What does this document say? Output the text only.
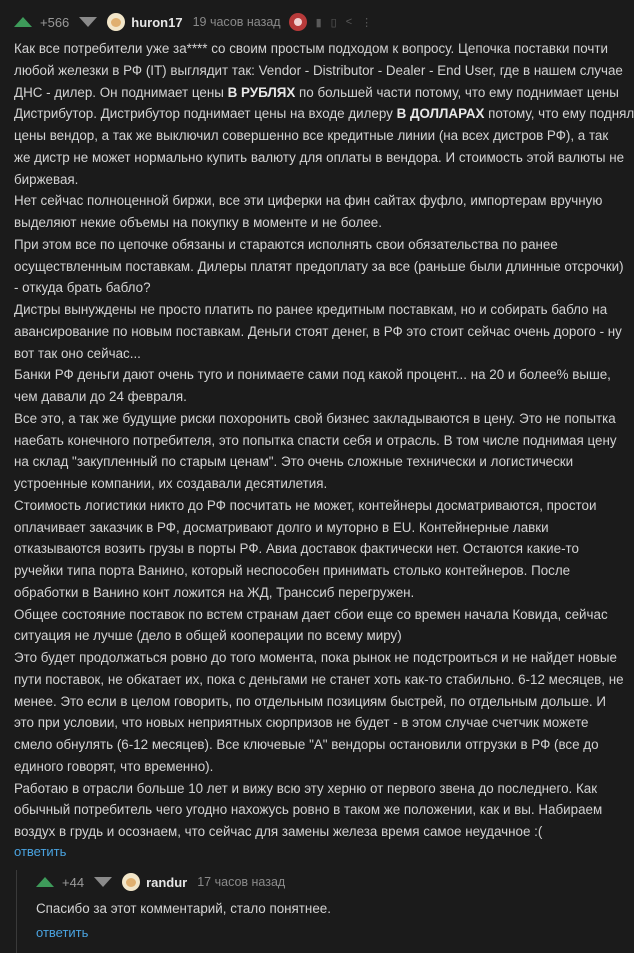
+566	huron17 19 часов назад	▮ ▯ < ⋮

Как все потребители уже за**** со своим простым подходом к вопросу. Цепочка поставки почти

любой железки в РФ (IT) выглядит так: Vendor - Distributor - Dealer - End User, где в нашем случае

ДНС - дилер. Он поднимает цены В РУБЛЯХ по большей части потому, что ему поднимает цены

Дистрибутор. Дистрибутор поднимает цены на входе дилеру В ДОЛЛАРАХ потому, что ему поднял

цены вендор, а так же выключил совершенно все кредитные линии (на всех дистров РФ), а так

же дистр не может нормально купить валюту для оплаты в вендора. И стоимость этой валюты не

биржевая.

Нет сейчас полноценной биржи, все эти циферки на фин сайтах фуфло, импортерам вручную

выделяют некие объемы на покупку в моменте и не более.

При этом все по цепочке обязаны и стараются исполнять свои обязательства по ранее

осуществленным поставкам. Дилеры платят предоплату за все (раньше были длинные отсрочки)

- откуда брать бабло?

Дистры вынуждены не просто платить по ранее кредитным поставкам, но и собирать бабло на

авансирование по новым поставкам. Деньги стоят денег, в РФ это стоит сейчас очень дорого - ну

вот так оно сейчас...

Банки РФ деньги дают очень туго и понимаете сами под какой процент... на 20 и более% выше,

чем давали до 24 февраля.

Все это, а так же будущие риски похоронить свой бизнес закладываются в цену. Это не попытка

наебать конечного потребителя, это попытка спасти себя и отрасль. В том числе поднимая цену

на склад "закупленный по старым ценам". Это очень сложные технически и логистически

устроенные компании, их создавали десятилетия.

Стоимость логистики никто до РФ посчитать не может, контейнеры досматриваются, простои

оплачивает заказчик в РФ, досматривают долго и муторно в EU. Контейнерные лавки

отказываются возить грузы в порты РФ. Авиа доставок фактически нет. Остаются какие-то

ручейки типа порта Ванино, который неспособен принимать столько контейнеров. После

обработки в Ванино конт ложится на ЖД, Транссиб перегружен.

Общее состояние поставок по встем странам дает сбои еще со времен начала Ковида, сейчас

ситуация не лучше (дело в общей кооперации по всему миру)

Это будет продолжаться ровно до того момента, пока рынок не подстроиться и не найдет новые

пути поставок, не обкатает их, пока с деньгами не станет хоть как-то стабильно. 6-12 месяцев, не

менее. Это если в целом говорить, по отдельным позициям быстрей, по отдельным дольше. И

это при условии, что новых неприятных сюрпризов не будет - в этом случае счетчик можете

смело обнулять (6-12 месяцев). Все ключевые "A" вендоры остановили отгрузки в РФ (все до

единого говорят, что временно).

Работаю в отрасли больше 10 лет и вижу всю эту херню от первого звена до последнего. Как

обычный потребитель чего угодно нахожусь ровно в таком же положении, как и вы. Набираем

воздух в грудь и осознаем, что сейчас для замены железа время самое неудачное :(

ответить
+44	randur 17 часов назад

Спасибо за этот комментарий, стало понятнее.

ответить
